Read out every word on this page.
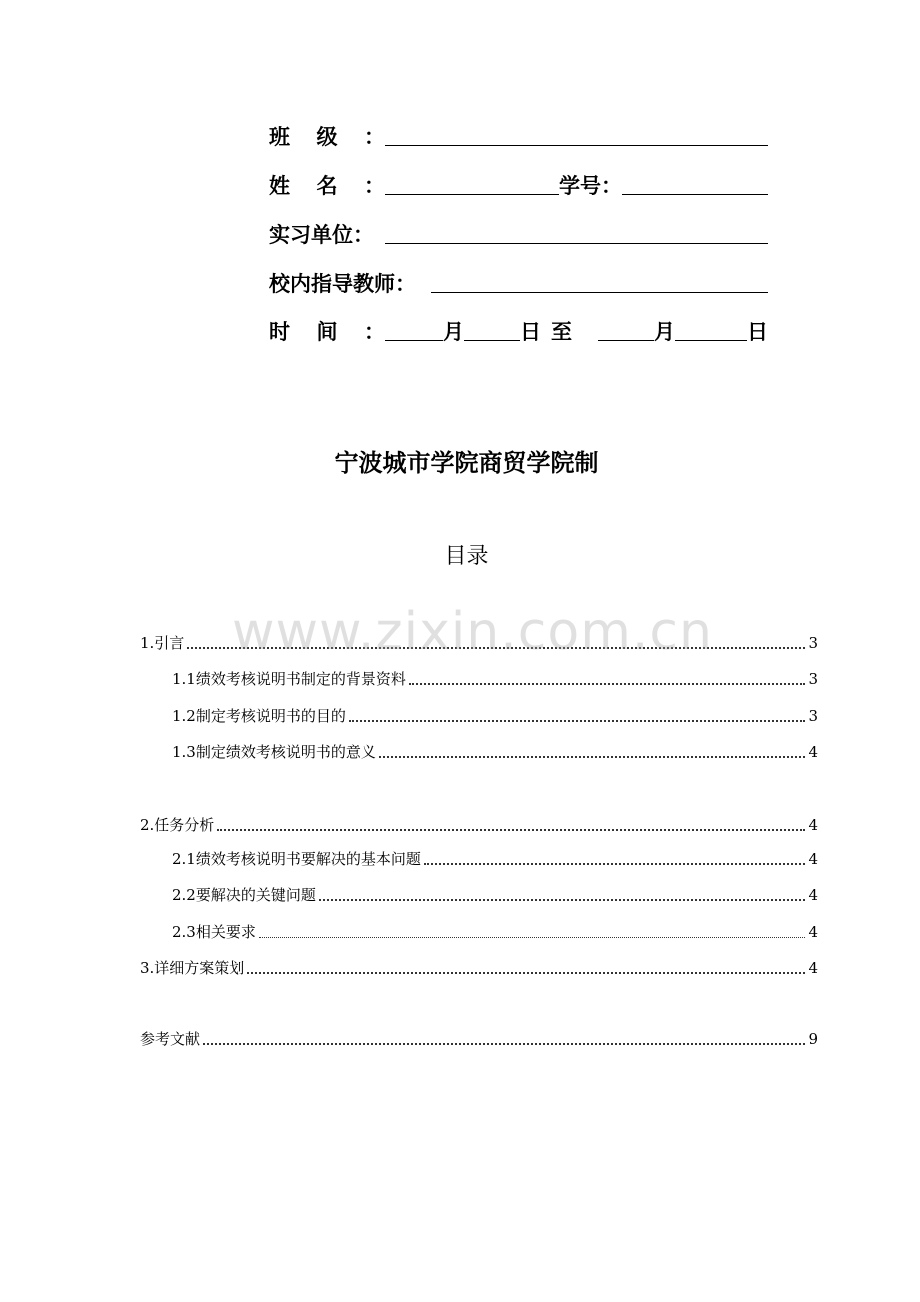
班 级 ：
姓 名 ：	学号：
实习单位：
校内指导教师：
时 间 ：	月	日 至	月	日
宁波城市学院商贸学院制
目录
1.引言	3
1.1绩效考核说明书制定的背景资料	3
1.2制定考核说明书的目的	3
1.3制定绩效考核说明书的意义	4
2.任务分析	4
2.1绩效考核说明书要解决的基本问题	4
2.2要解决的关键问题	4
2.3相关要求	4
3.详细方案策划	4
参考文献	9
www.zixin.com.cn
